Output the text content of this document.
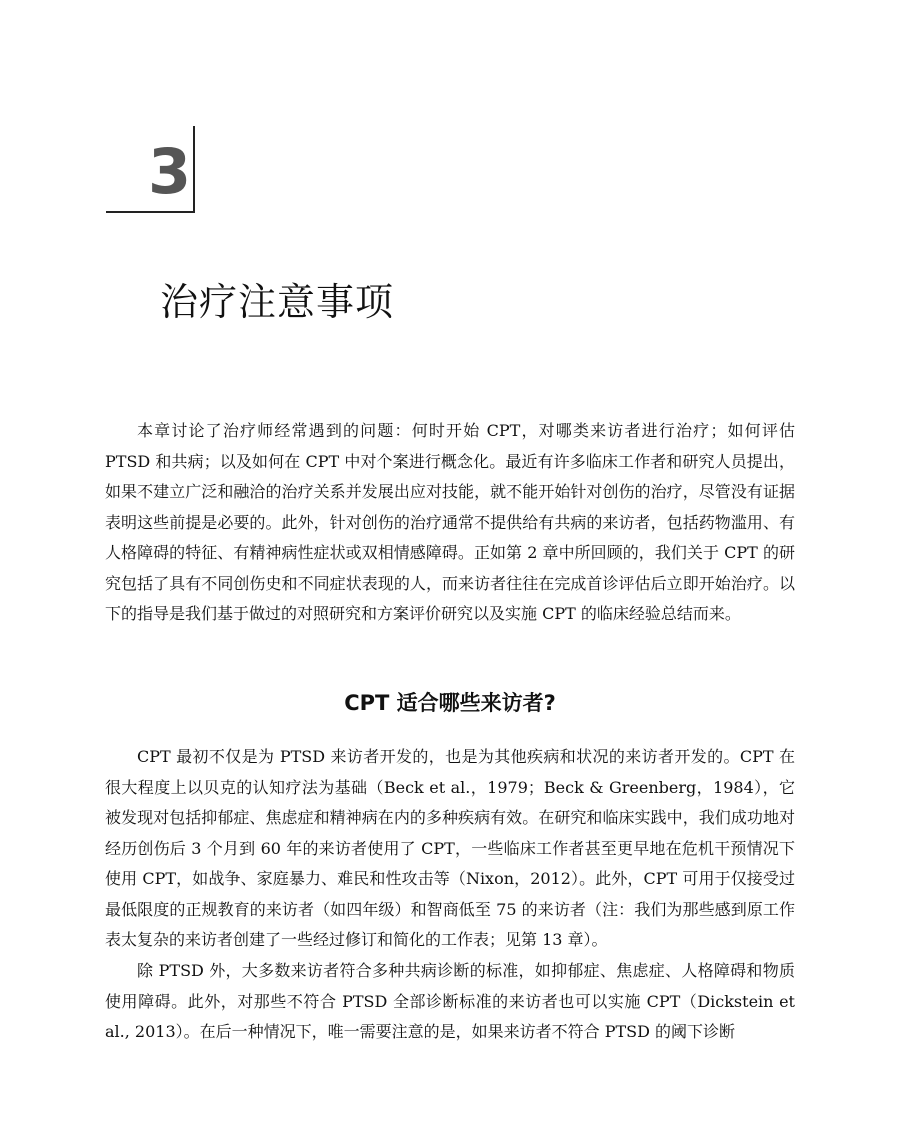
3
治疗注意事项

本章讨论了治疗师经常遇到的问题：何时开始 CPT，对哪类来访者进行治疗；如何评估 PTSD 和共病；以及如何在 CPT 中对个案进行概念化。最近有许多临床工作者和研究人员提出，如果不建立广泛和融洽的治疗关系并发展出应对技能，就不能开始针对创伤的治疗，尽管没有证据表明这些前提是必要的。此外，针对创伤的治疗通常不提供给有共病的来访者，包括药物滥用、有人格障碍的特征、有精神病性症状或双相情感障碍。正如第 2 章中所回顾的，我们关于 CPT 的研究包括了具有不同创伤史和不同症状表现的人，而来访者往往在完成首诊评估后立即开始治疗。以下的指导是我们基于做过的对照研究和方案评价研究以及实施 CPT 的临床经验总结而来。

CPT 适合哪些来访者?

CPT 最初不仅是为 PTSD 来访者开发的，也是为其他疾病和状况的来访者开发的。CPT 在很大程度上以贝克的认知疗法为基础（Beck et al.，1979；Beck & Greenberg，1984），它被发现对包括抑郁症、焦虑症和精神病在内的多种疾病有效。在研究和临床实践中，我们成功地对经历创伤后 3 个月到 60 年的来访者使用了 CPT，一些临床工作者甚至更早地在危机干预情况下使用 CPT，如战争、家庭暴力、难民和性攻击等（Nixon，2012）。此外，CPT 可用于仅接受过最低限度的正规教育的来访者（如四年级）和智商低至 75 的来访者（注：我们为那些感到原工作表太复杂的来访者创建了一些经过修订和简化的工作表；见第 13 章）。

除 PTSD 外，大多数来访者符合多种共病诊断的标准，如抑郁症、焦虑症、人格障碍和物质使用障碍。此外，对那些不符合 PTSD 全部诊断标准的来访者也可以实施 CPT（Dickstein et al., 2013）。在后一种情况下，唯一需要注意的是，如果来访者不符合 PTSD 的阈下诊断
